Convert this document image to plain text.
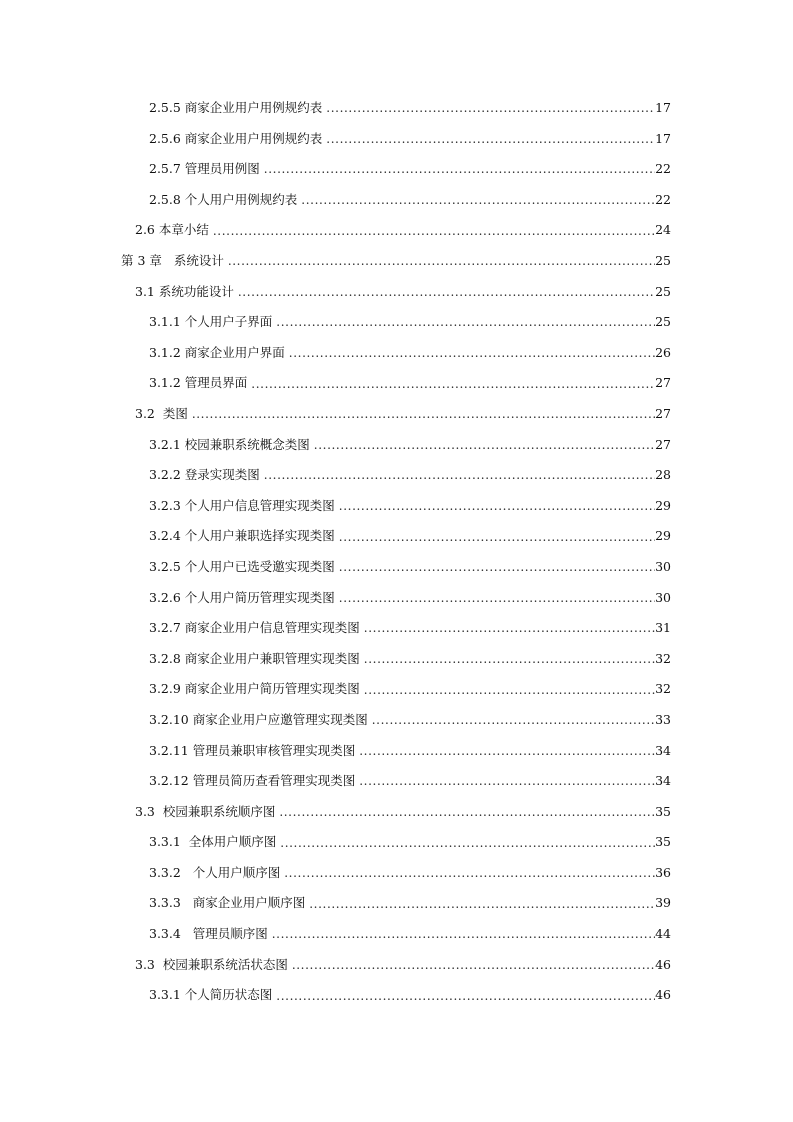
2.5.5 商家企业用户用例规约表 . . .	17
2.5.6 商家企业用户用例规约表 . . .	17
2.5.7 管理员用例图 . . .	22
2.5.8 个人用户用例规约表 . . .	22
2.6 本章小结 . . .	24
第 3 章   系统设计 . . .	25
3.1 系统功能设计 . . .	25
3.1.1 个人用户子界面 . . .	25
3.1.2 商家企业用户界面 . . .	26
3.1.2 管理员界面 . . .	27
3.2  类图 . . .	27
3.2.1 校园兼职系统概念类图 . . .	27
3.2.2 登录实现类图 . . .	28
3.2.3 个人用户信息管理实现类图 . . .	29
3.2.4 个人用户兼职选择实现类图 . . .	29
3.2.5 个人用户已选受邀实现类图 . . .	30
3.2.6 个人用户简历管理实现类图 . . .	30
3.2.7 商家企业用户信息管理实现类图 . . .	31
3.2.8 商家企业用户兼职管理实现类图 . . .	32
3.2.9 商家企业用户简历管理实现类图 . . .	32
3.2.10 商家企业用户应邀管理实现类图 . . .	33
3.2.11 管理员兼职审核管理实现类图 . . .	34
3.2.12 管理员简历查看管理实现类图 . . .	34
3.3  校园兼职系统顺序图 . . .	35
3.3.1  全体用户顺序图 . . .	35
3.3.2   个人用户顺序图 . . .	36
3.3.3   商家企业用户顺序图 . . .	39
3.3.4   管理员顺序图 . . .	44
3.3  校园兼职系统活状态图 . . .	46
3.3.1 个人简历状态图 . . .	46
